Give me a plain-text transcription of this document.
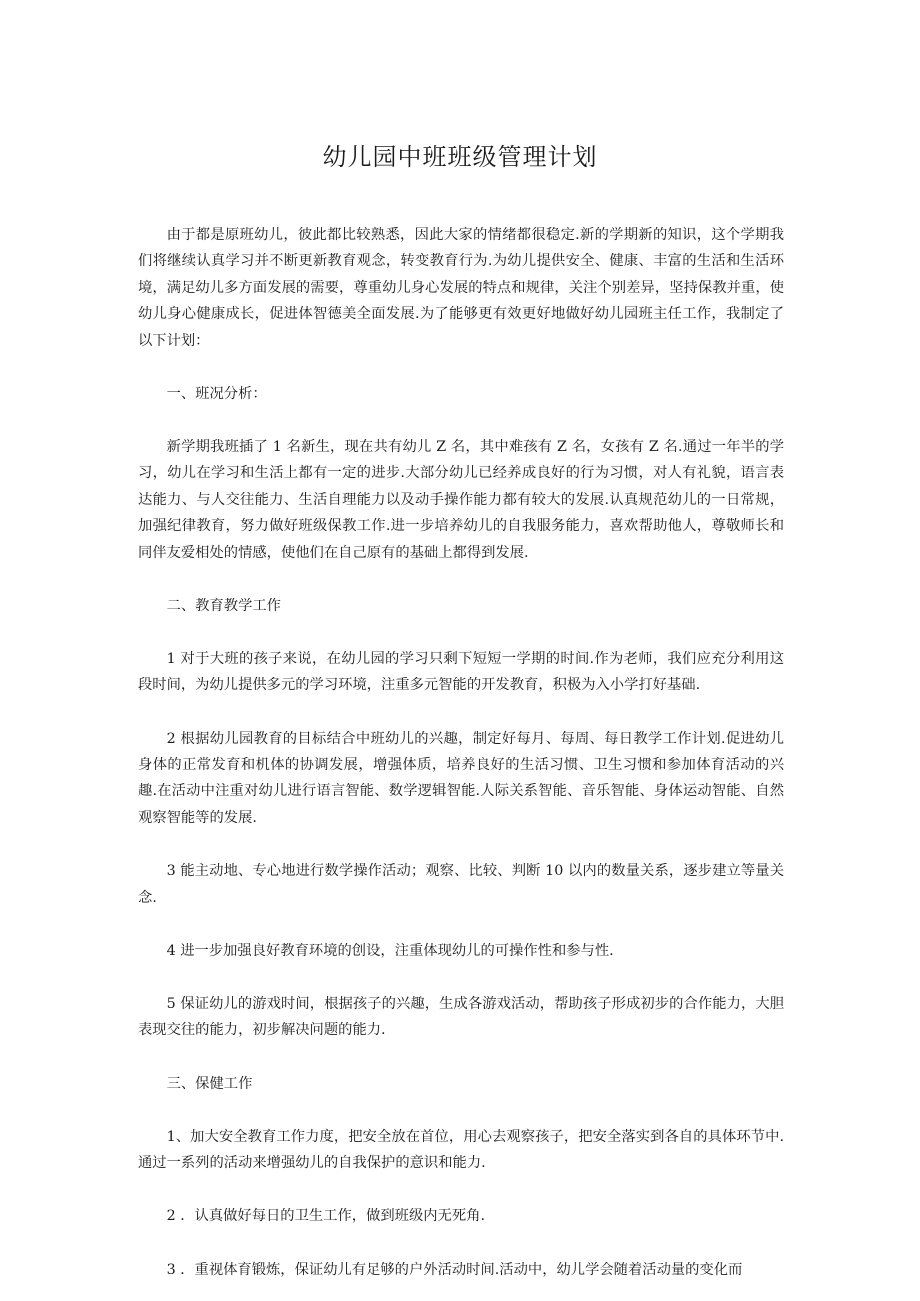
幼儿园中班班级管理计划

由于都是原班幼儿，彼此都比较熟悉，因此大家的情绪都很稳定.新的学期新的知识，这个学期我们将继续认真学习并不断更新教育观念，转变教育行为.为幼儿提供安全、健康、丰富的生活和生活环境，满足幼儿多方面发展的需要，尊重幼儿身心发展的特点和规律，关注个别差异，坚持保教并重，使幼儿身心健康成长，促进体智德美全面发展.为了能够更有效更好地做好幼儿园班主任工作，我制定了以下计划：

一、班况分析：

新学期我班插了 1 名新生，现在共有幼儿 Z 名，其中难孩有 Z 名，女孩有 Z 名.通过一年半的学习，幼儿在学习和生活上都有一定的进步.大部分幼儿已经养成良好的行为习惯，对人有礼貌，语言表达能力、与人交往能力、生活自理能力以及动手操作能力都有较大的发展.认真规范幼儿的一日常规，加强纪律教育，努力做好班级保教工作.进一步培养幼儿的自我服务能力，喜欢帮助他人，尊敬师长和同伴友爱相处的情感，使他们在自己原有的基础上都得到发展.

二、教育教学工作

1 对于大班的孩子来说，在幼儿园的学习只剩下短短一学期的时间.作为老师，我们应充分利用这段时间，为幼儿提供多元的学习环境，注重多元智能的开发教育，积极为入小学打好基础.

2 根据幼儿园教育的目标结合中班幼儿的兴趣，制定好每月、每周、每日教学工作计划.促进幼儿身体的正常发育和机体的协调发展，增强体质，培养良好的生活习惯、卫生习惯和参加体育活动的兴趣.在活动中注重对幼儿进行语言智能、数学逻辑智能.人际关系智能、音乐智能、身体运动智能、自然观察智能等的发展.

3 能主动地、专心地进行数学操作活动；观察、比较、判断 10 以内的数量关系，逐步建立等量关念.

4 进一步加强良好教育环境的创设，注重体现幼儿的可操作性和参与性.

5 保证幼儿的游戏时间，根据孩子的兴趣，生成各游戏活动，帮助孩子形成初步的合作能力，大胆表现交往的能力，初步解决问题的能力.

三、保健工作

1、加大安全教育工作力度，把安全放在首位，用心去观察孩子，把安全落实到各自的具体环节中.通过一系列的活动来增强幼儿的自我保护的意识和能力.

2 ．认真做好每日的卫生工作，做到班级内无死角.

3 ．重视体育锻炼，保证幼儿有足够的户外活动时间.活动中，幼儿学会随着活动量的变化而
